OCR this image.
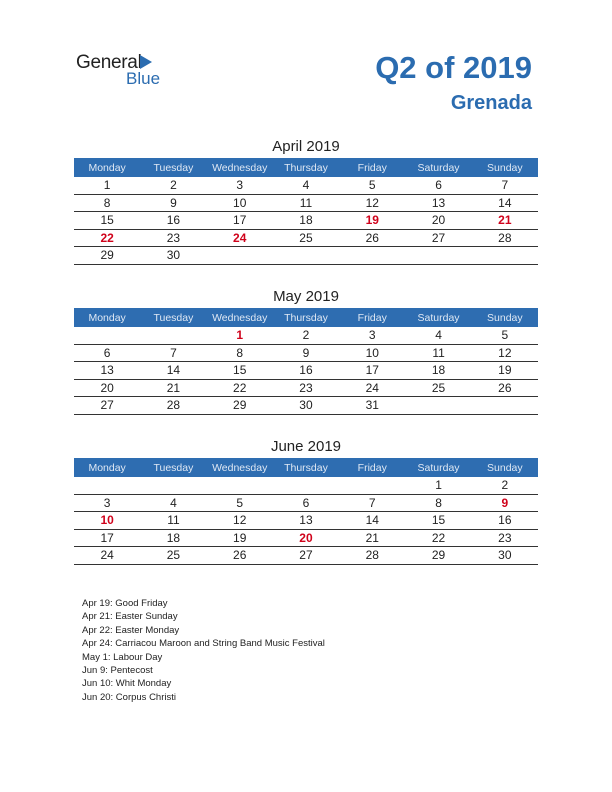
General
Blue	Q2 of 2019
Grenada
April 2019
Monday	Tuesday	Wednesday	Thursday	Friday	Saturday	Sunday
1	2	3	4	5	6	7
8	9	10	11	12	13	14
15	16	17	18	19	20	21
22	23	24	25	26	27	28
29	30					
May 2019
Monday	Tuesday	Wednesday	Thursday	Friday	Saturday	Sunday
		1	2	3	4	5
6	7	8	9	10	11	12
13	14	15	16	17	18	19
20	21	22	23	24	25	26
27	28	29	30	31		
June 2019
Monday	Tuesday	Wednesday	Thursday	Friday	Saturday	Sunday
					1	2
3	4	5	6	7	8	9
10	11	12	13	14	15	16
17	18	19	20	21	22	23
24	25	26	27	28	29	30
Apr 19: Good Friday
Apr 21: Easter Sunday
Apr 22: Easter Monday
Apr 24: Carriacou Maroon and String Band Music Festival
May 1: Labour Day
Jun 9: Pentecost
Jun 10: Whit Monday
Jun 20: Corpus Christi
